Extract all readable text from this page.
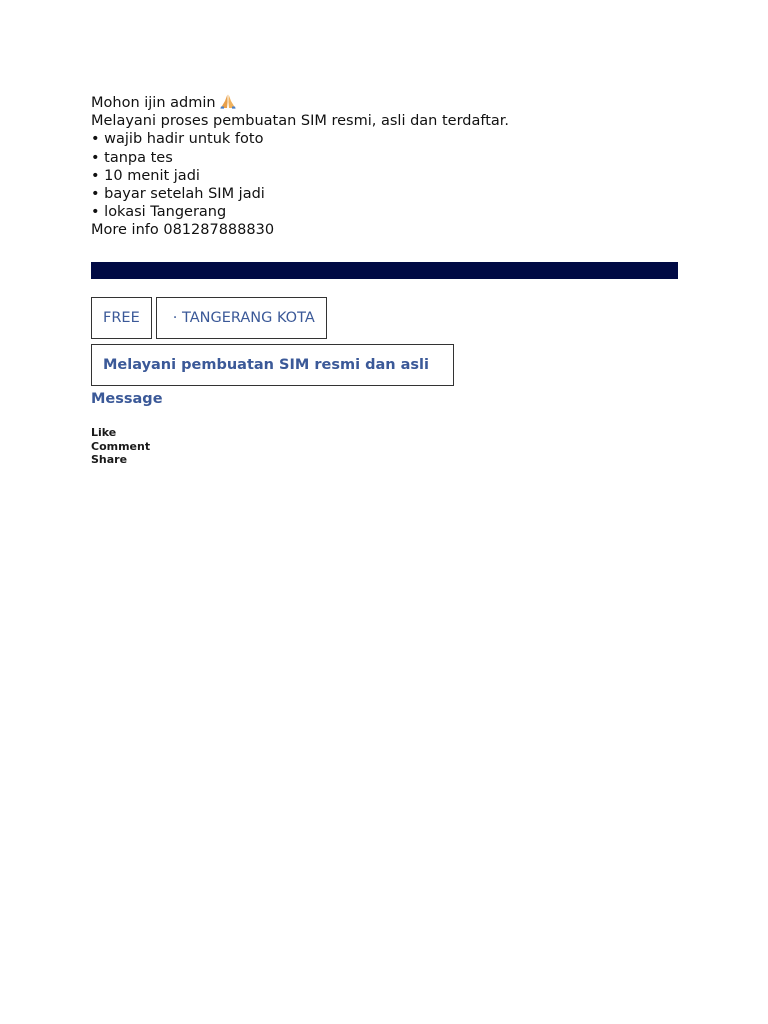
Mohon ijin admin
Melayani proses pembuatan SIM resmi, asli dan terdaftar.
• wajib hadir untuk foto
• tanpa tes
• 10 menit jadi
• bayar setelah SIM jadi
• lokasi Tangerang
More info 081287888830
FREE	· TANGERANG KOTA
Melayani pembuatan SIM resmi dan asli
Message
Like
Comment
Share
